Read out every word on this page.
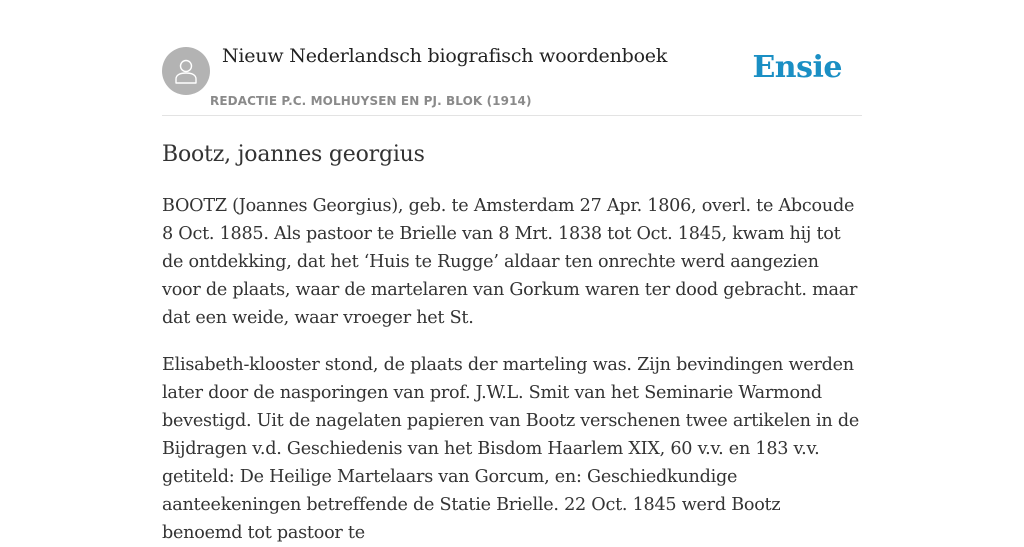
Nieuw Nederlandsch biografisch woordenboek
REDACTIE P.C. MOLHUYSEN EN PJ. BLOK (1914)
Ensie
Bootz, joannes georgius

BOOTZ (Joannes Georgius), geb. te Amsterdam 27 Apr. 1806, overl. te Abcoude 8 Oct. 1885. Als pastoor te Brielle van 8 Mrt. 1838 tot Oct. 1845, kwam hij tot de ontdekking, dat het ‘Huis te Rugge’ aldaar ten onrechte werd aangezien voor de plaats, waar de martelaren van Gorkum waren ter dood gebracht. maar dat een weide, waar vroeger het St.

Elisabeth-klooster stond, de plaats der marteling was. Zijn bevindingen werden later door de nasporingen van prof. J.W.L. Smit van het Seminarie Warmond bevestigd. Uit de nagelaten papieren van Bootz verschenen twee artikelen in de Bijdragen v.d. Geschiedenis van het Bisdom Haarlem XIX, 60 v.v. en 183 v.v. getiteld: De Heilige Martelaars van Gorcum, en: Geschiedkundige aanteekeningen betreffende de Statie Brielle. 22 Oct. 1845 werd Bootz benoemd tot pastoor te
